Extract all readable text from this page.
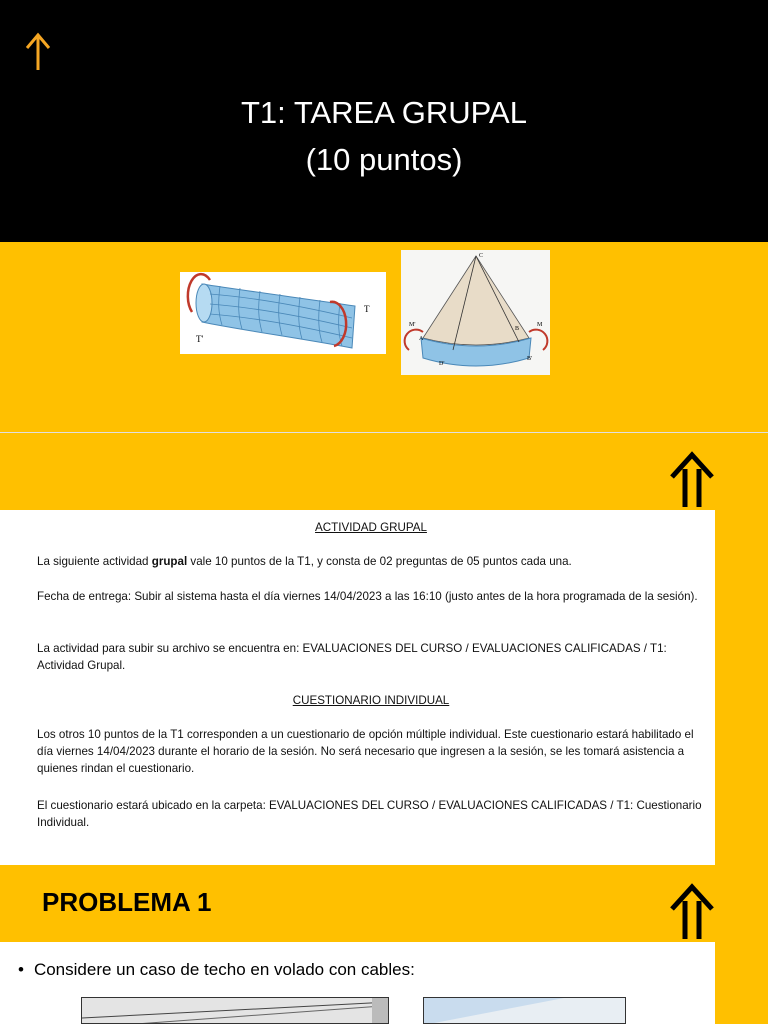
T1: TAREA GRUPAL
(10 puntos)
T
T'
C
A
B
D'
B'
M'	M
ACTIVIDAD GRUPAL
La siguiente actividad grupal vale 10 puntos de la T1, y consta de 02 preguntas de 05 puntos cada una.
Fecha de entrega: Subir al sistema hasta el día viernes 14/04/2023 a las 16:10 (justo antes de la hora programada de la sesión).
La actividad para subir su archivo se encuentra en: EVALUACIONES DEL CURSO / EVALUACIONES CALIFICADAS / T1: Actividad Grupal.
CUESTIONARIO INDIVIDUAL
Los otros 10 puntos de la T1 corresponden a un cuestionario de opción múltiple individual. Este cuestionario estará habilitado el día viernes 14/04/2023 durante el horario de la sesión. No será necesario que ingresen a la sesión, se les tomará asistencia a quienes rindan el cuestionario.
El cuestionario estará ubicado en la carpeta: EVALUACIONES DEL CURSO / EVALUACIONES CALIFICADAS / T1: Cuestionario Individual.
PROBLEMA 1
• Considere un caso de techo en volado con cables:
